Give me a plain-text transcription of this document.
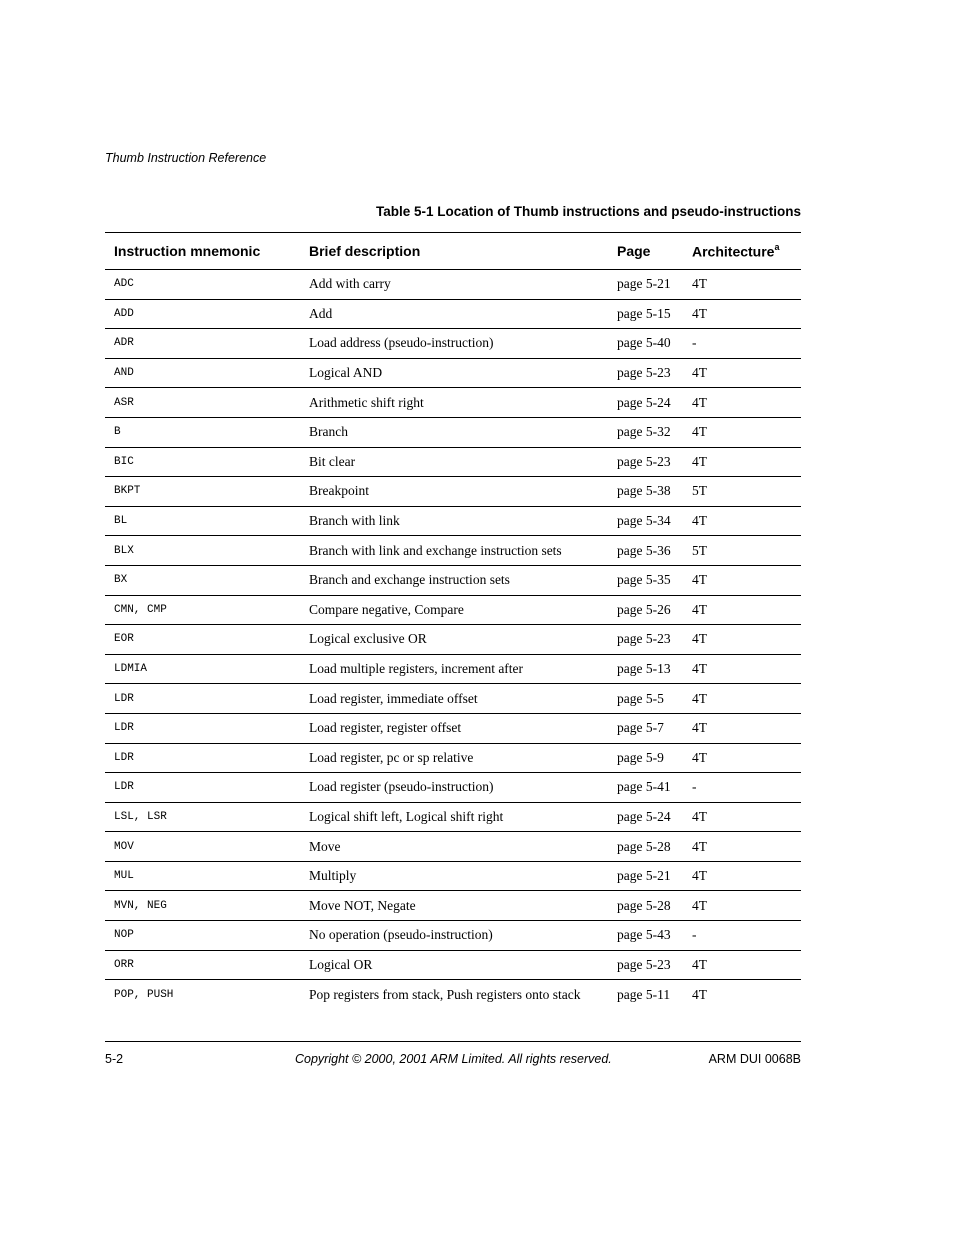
Thumb Instruction Reference
Table 5-1 Location of Thumb instructions and pseudo-instructions
Instruction mnemonic	Brief description	Page	Architecture$^a$
ADC	Add with carry	page 5-21	4T
ADD	Add	page 5-15	4T
ADR	Load address (pseudo-instruction)	page 5-40	-
AND	Logical AND	page 5-23	4T
ASR	Arithmetic shift right	page 5-24	4T
B	Branch	page 5-32	4T
BIC	Bit clear	page 5-23	4T
BKPT	Breakpoint	page 5-38	5T
BL	Branch with link	page 5-34	4T
BLX	Branch with link and exchange instruction sets	page 5-36	5T
BX	Branch and exchange instruction sets	page 5-35	4T
CMN, CMP	Compare negative, Compare	page 5-26	4T
EOR	Logical exclusive OR	page 5-23	4T
LDMIA	Load multiple registers, increment after	page 5-13	4T
LDR	Load register, immediate offset	page 5-5	4T
LDR	Load register, register offset	page 5-7	4T
LDR	Load register, pc or sp relative	page 5-9	4T
LDR	Load register (pseudo-instruction)	page 5-41	-
LSL, LSR	Logical shift left, Logical shift right	page 5-24	4T
MOV	Move	page 5-28	4T
MUL	Multiply	page 5-21	4T
MVN, NEG	Move NOT, Negate	page 5-28	4T
NOP	No operation (pseudo-instruction)	page 5-43	-
ORR	Logical OR	page 5-23	4T
POP, PUSH	Pop registers from stack, Push registers onto stack	page 5-11	4T
5-2	Copyright © 2000, 2001 ARM Limited. All rights reserved.	ARM DUI 0068B
